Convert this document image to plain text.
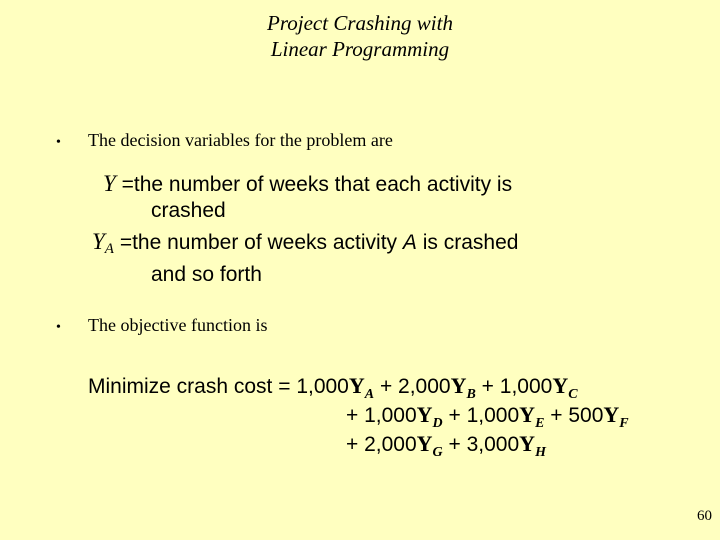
Project Crashing with
Linear Programming
• The decision variables for the problem are
Y =the number of weeks that each activity is
crashed
$Y_A =the$ number of weeks activity A is crashed
and so forth
• The objective function is
Minimize crash $\cos t = 1,000Y_A + 2,000Y_B + 1,000Y_C$
+ $1,000Y_D + 1,000Y_E + 500Y_F$
+ $2,000Y_G + 3,000Y_H$
60
